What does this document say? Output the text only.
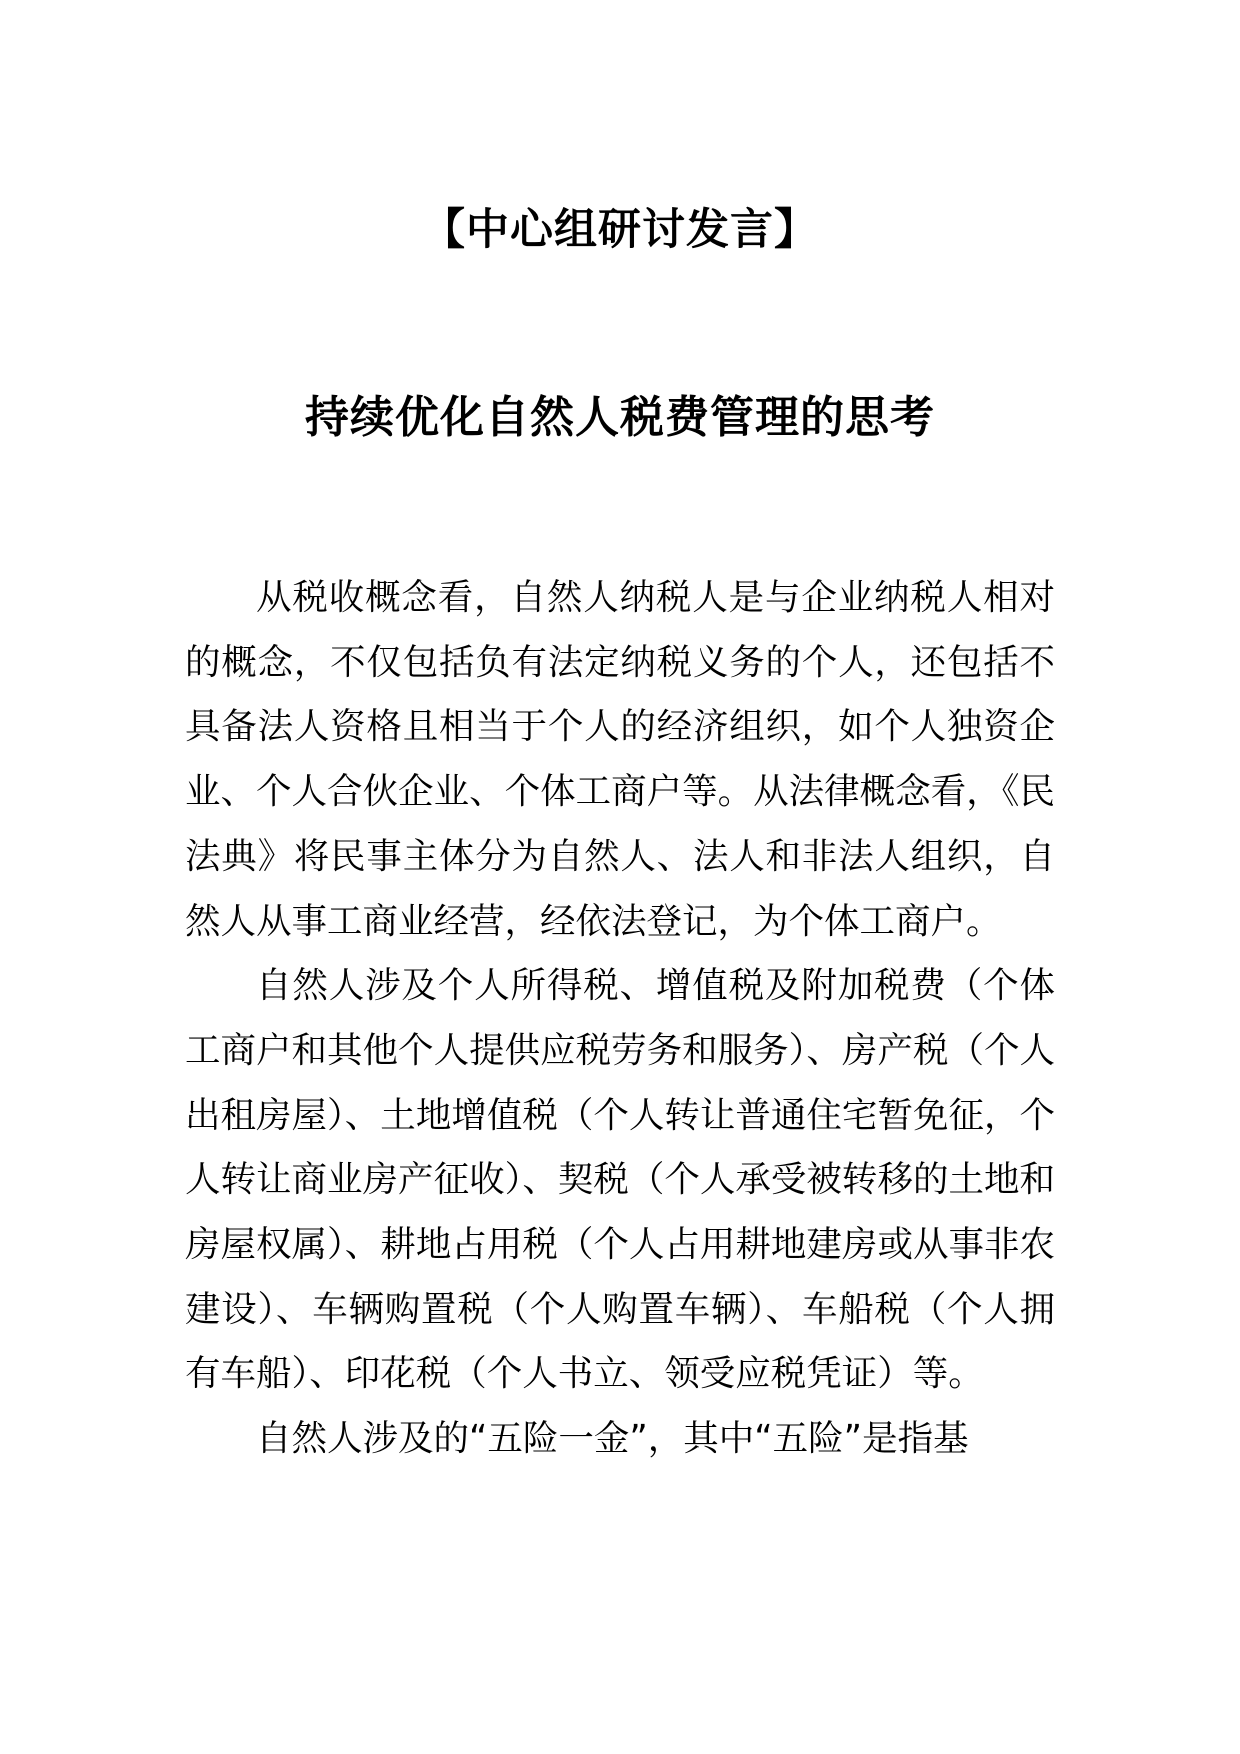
【中心组研讨发言】
持续优化自然人税费管理的思考

从税收概念看，自然人纳税人是与企业纳税人相对的概念，不仅包括负有法定纳税义务的个人，还包括不具备法人资格且相当于个人的经济组织，如个人独资企业、个人合伙企业、个体工商户等。从法律概念看，《民法典》将民事主体分为自然人、法人和非法人组织，自然人从事工商业经营，经依法登记，为个体工商户。

自然人涉及个人所得税、增值税及附加税费（个体工商户和其他个人提供应税劳务和服务）、房产税（个人出租房屋）、土地增值税（个人转让普通住宅暂免征，个人转让商业房产征收）、契税（个人承受被转移的土地和房屋权属）、耕地占用税（个人占用耕地建房或从事非农建设）、车辆购置税（个人购置车辆）、车船税（个人拥有车船）、印花税（个人书立、领受应税凭证）等。

自然人涉及的“五险一金”，其中“五险”是指基
